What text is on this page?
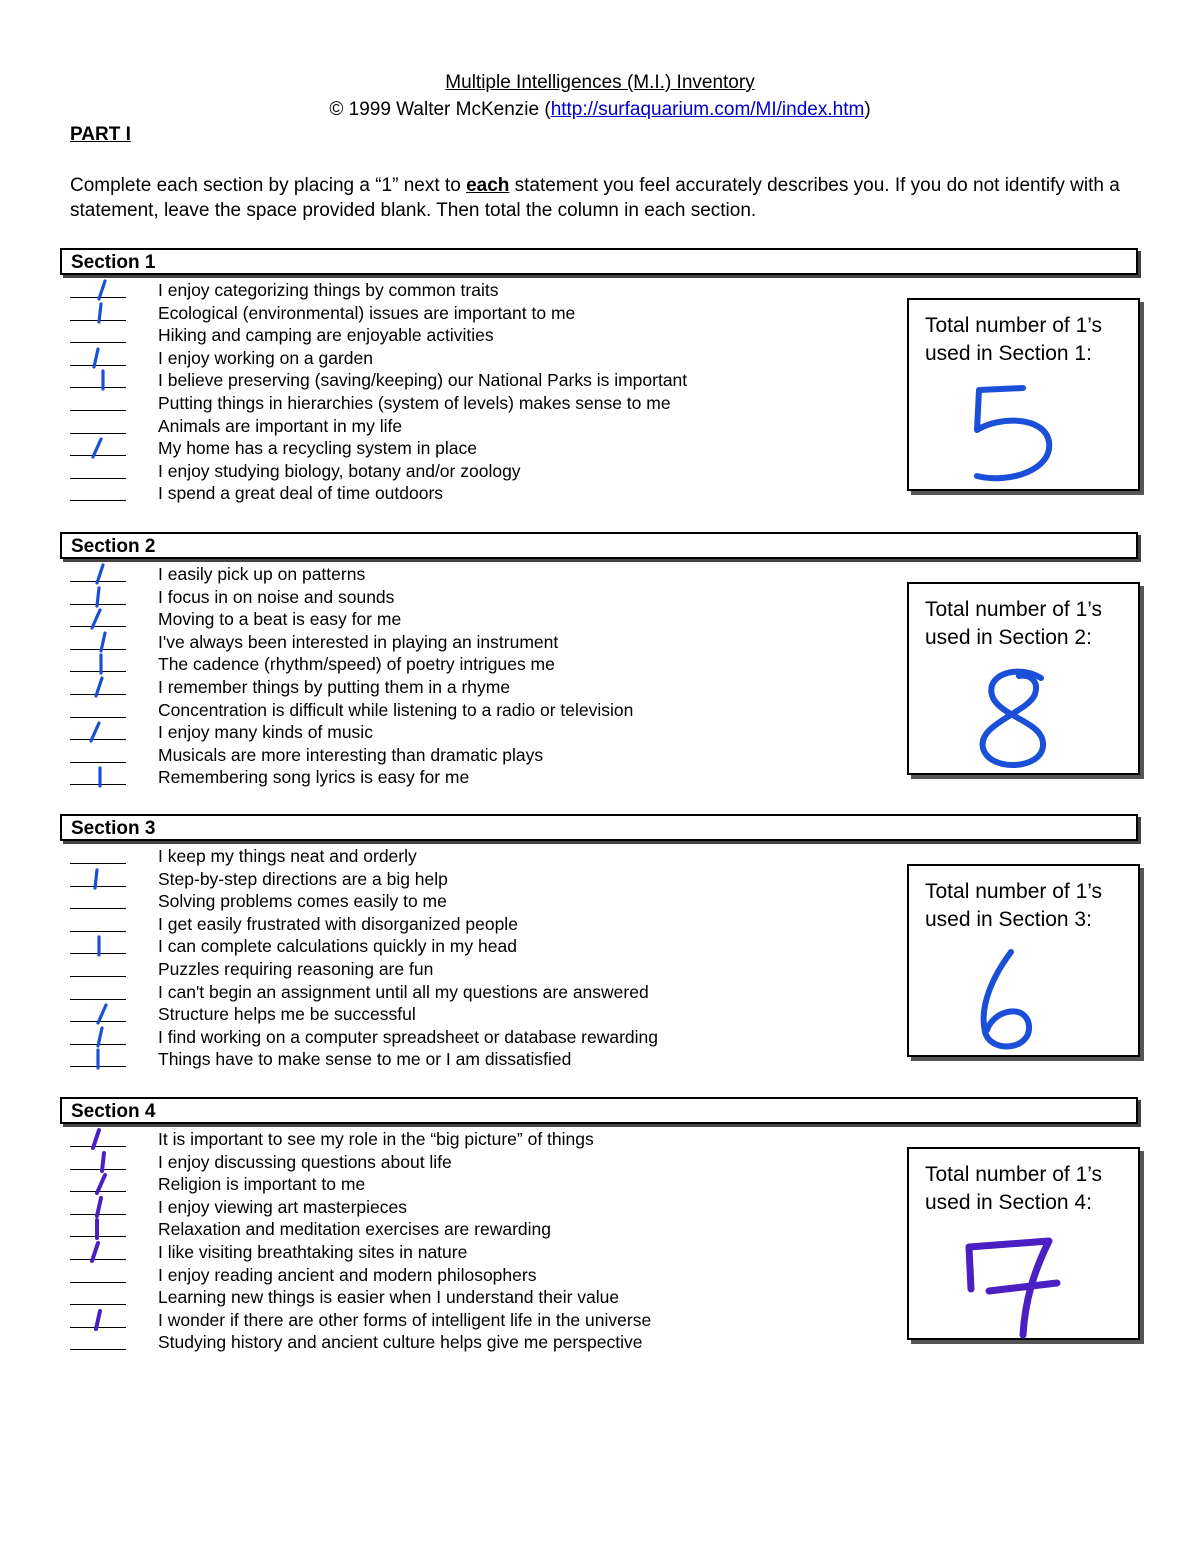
Multiple Intelligences (M.I.) Inventory
© 1999 Walter McKenzie (http://surfaquarium.com/MI/index.htm)
PART I
Complete each section by placing a “1” next to each statement you feel accurately describes you. If you do not identify with a statement, leave the space provided blank. Then total the column in each section.
Section 1
I enjoy categorizing things by common traits
Ecological (environmental) issues are important to me
Hiking and camping are enjoyable activities
I enjoy working on a garden
I believe preserving (saving/keeping) our National Parks is important
Putting things in hierarchies (system of levels) makes sense to me
Animals are important in my life
My home has a recycling system in place
I enjoy studying biology, botany and/or zoology
I spend a great deal of time outdoors
Total number of 1’s used in Section 1:
Section 2
I easily pick up on patterns
I focus in on noise and sounds
Moving to a beat is easy for me
I've always been interested in playing an instrument
The cadence (rhythm/speed) of poetry intrigues me
I remember things by putting them in a rhyme
Concentration is difficult while listening to a radio or television
I enjoy many kinds of music
Musicals are more interesting than dramatic plays
Remembering song lyrics is easy for me
Total number of 1’s used in Section 2:
Section 3
I keep my things neat and orderly
Step-by-step directions are a big help
Solving problems comes easily to me
I get easily frustrated with disorganized people
I can complete calculations quickly in my head
Puzzles requiring reasoning are fun
I can't begin an assignment until all my questions are answered
Structure helps me be successful
I find working on a computer spreadsheet or database rewarding
Things have to make sense to me or I am dissatisfied
Total number of 1’s used in Section 3:
Section 4
It is important to see my role in the “big picture” of things
I enjoy discussing questions about life
Religion is important to me
I enjoy viewing art masterpieces
Relaxation and meditation exercises are rewarding
I like visiting breathtaking sites in nature
I enjoy reading ancient and modern philosophers
Learning new things is easier when I understand their value
I wonder if there are other forms of intelligent life in the universe
Studying history and ancient culture helps give me perspective
Total number of 1’s used in Section 4:
